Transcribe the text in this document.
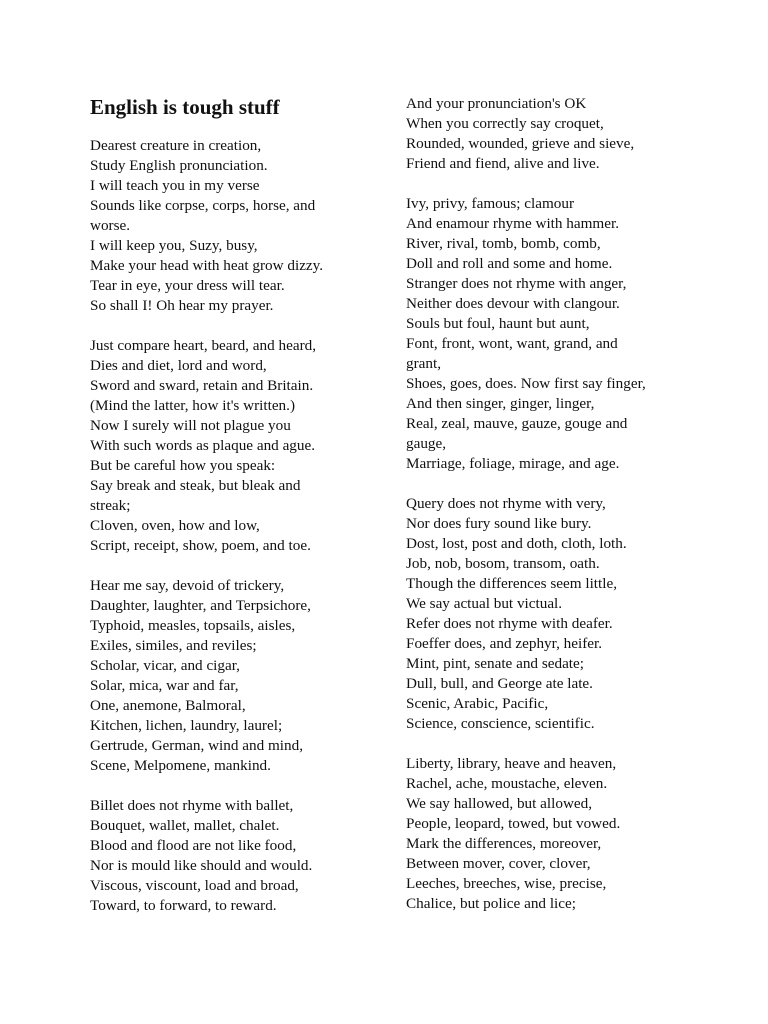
English is tough stuff
Dearest creature in creation,
Study English pronunciation.
I will teach you in my verse
Sounds like corpse, corps, horse, and
worse.
I will keep you, Suzy, busy,
Make your head with heat grow dizzy.
Tear in eye, your dress will tear.
So shall I! Oh hear my prayer.
Just compare heart, beard, and heard,
Dies and diet, lord and word,
Sword and sward, retain and Britain.
(Mind the latter, how it's written.)
Now I surely will not plague you
With such words as plaque and ague.
But be careful how you speak:
Say break and steak, but bleak and
streak;
Cloven, oven, how and low,
Script, receipt, show, poem, and toe.
Hear me say, devoid of trickery,
Daughter, laughter, and Terpsichore,
Typhoid, measles, topsails, aisles,
Exiles, similes, and reviles;
Scholar, vicar, and cigar,
Solar, mica, war and far,
One, anemone, Balmoral,
Kitchen, lichen, laundry, laurel;
Gertrude, German, wind and mind,
Scene, Melpomene, mankind.
Billet does not rhyme with ballet,
Bouquet, wallet, mallet, chalet.
Blood and flood are not like food,
Nor is mould like should and would.
Viscous, viscount, load and broad,
Toward, to forward, to reward.
And your pronunciation's OK
When you correctly say croquet,
Rounded, wounded, grieve and sieve,
Friend and fiend, alive and live.
Ivy, privy, famous; clamour
And enamour rhyme with hammer.
River, rival, tomb, bomb, comb,
Doll and roll and some and home.
Stranger does not rhyme with anger,
Neither does devour with clangour.
Souls but foul, haunt but aunt,
Font, front, wont, want, grand, and
grant,
Shoes, goes, does. Now first say finger,
And then singer, ginger, linger,
Real, zeal, mauve, gauze, gouge and
gauge,
Marriage, foliage, mirage, and age.
Query does not rhyme with very,
Nor does fury sound like bury.
Dost, lost, post and doth, cloth, loth.
Job, nob, bosom, transom, oath.
Though the differences seem little,
We say actual but victual.
Refer does not rhyme with deafer.
Foeffer does, and zephyr, heifer.
Mint, pint, senate and sedate;
Dull, bull, and George ate late.
Scenic, Arabic, Pacific,
Science, conscience, scientific.
Liberty, library, heave and heaven,
Rachel, ache, moustache, eleven.
We say hallowed, but allowed,
People, leopard, towed, but vowed.
Mark the differences, moreover,
Between mover, cover, clover,
Leeches, breeches, wise, precise,
Chalice, but police and lice;
